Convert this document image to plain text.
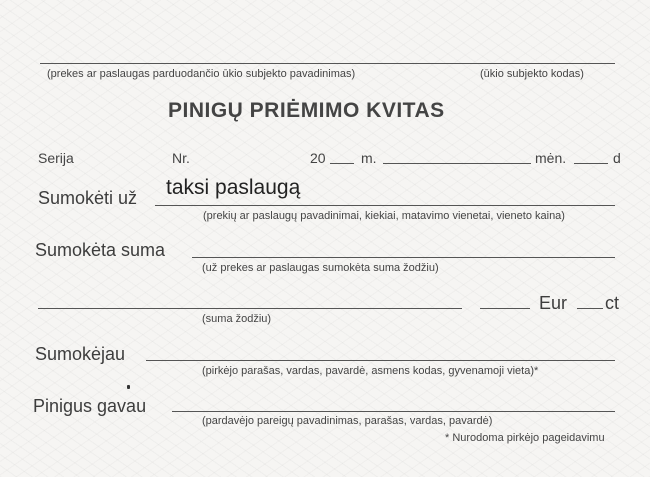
(prekes ar paslaugas parduodančio ūkio subjekto pavadinimas)	(ūkio subjekto kodas)
PINIGŲ PRIĖMIMO KVITAS
Serija	Nr.	20	m.	mėn.	d
Sumokėti už taksi paslaugą
(prekių ar paslaugų pavadinimai, kiekiai, matavimo vienetai, vieneto kaina)
Sumokėta suma
(už prekes ar paslaugas sumokėta suma žodžiu)
(suma žodžiu)
Eur ct
Sumokėjau
(pirkėjo parašas, vardas, pavardė, asmens kodas, gyvenamoji vieta)*
Pinigus gavau
(pardavėjo pareigų pavadinimas, parašas, vardas, pavardė)
* Nurodoma pirkėjo pageidavimu
